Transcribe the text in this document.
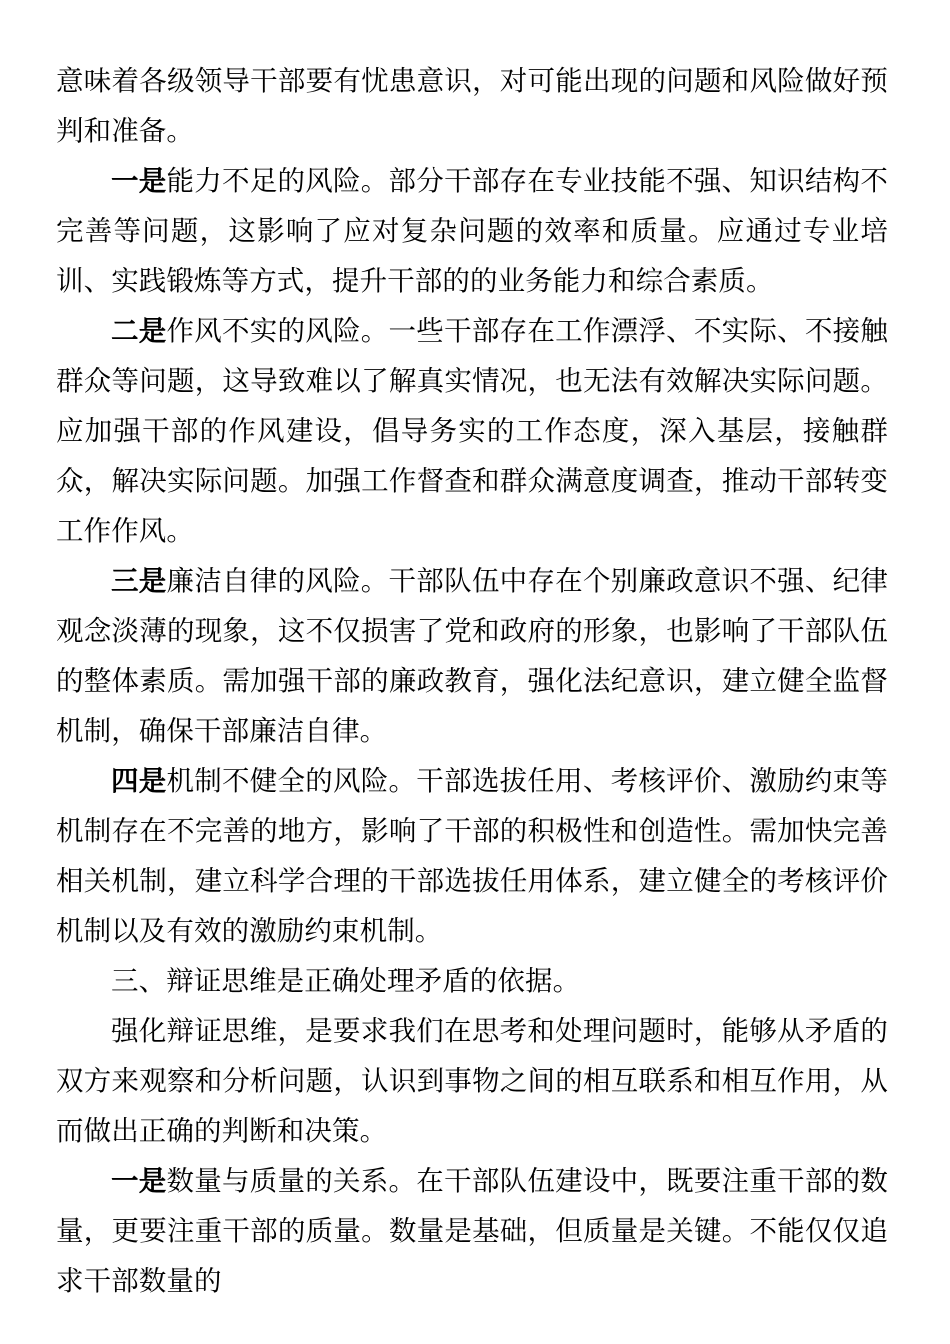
意味着各级领导干部要有忧患意识，对可能出现的问题和风险做好预判和准备。

一是能力不足的风险。部分干部存在专业技能不强、知识结构不完善等问题，这影响了应对复杂问题的效率和质量。应通过专业培训、实践锻炼等方式，提升干部的的业务能力和综合素质。

二是作风不实的风险。一些干部存在工作漂浮、不实际、不接触群众等问题，这导致难以了解真实情况，也无法有效解决实际问题。应加强干部的作风建设，倡导务实的工作态度，深入基层，接触群众，解决实际问题。加强工作督查和群众满意度调查，推动干部转变工作作风。

三是廉洁自律的风险。干部队伍中存在个别廉政意识不强、纪律观念淡薄的现象，这不仅损害了党和政府的形象，也影响了干部队伍的整体素质。需加强干部的廉政教育，强化法纪意识，建立健全监督机制，确保干部廉洁自律。

四是机制不健全的风险。干部选拔任用、考核评价、激励约束等机制存在不完善的地方，影响了干部的积极性和创造性。需加快完善相关机制，建立科学合理的干部选拔任用体系，建立健全的考核评价机制以及有效的激励约束机制。

三、辩证思维是正确处理矛盾的依据。

强化辩证思维，是要求我们在思考和处理问题时，能够从矛盾的双方来观察和分析问题，认识到事物之间的相互联系和相互作用，从而做出正确的判断和决策。

一是数量与质量的关系。在干部队伍建设中，既要注重干部的数量，更要注重干部的质量。数量是基础，但质量是关键。不能仅仅追求干部数量的
